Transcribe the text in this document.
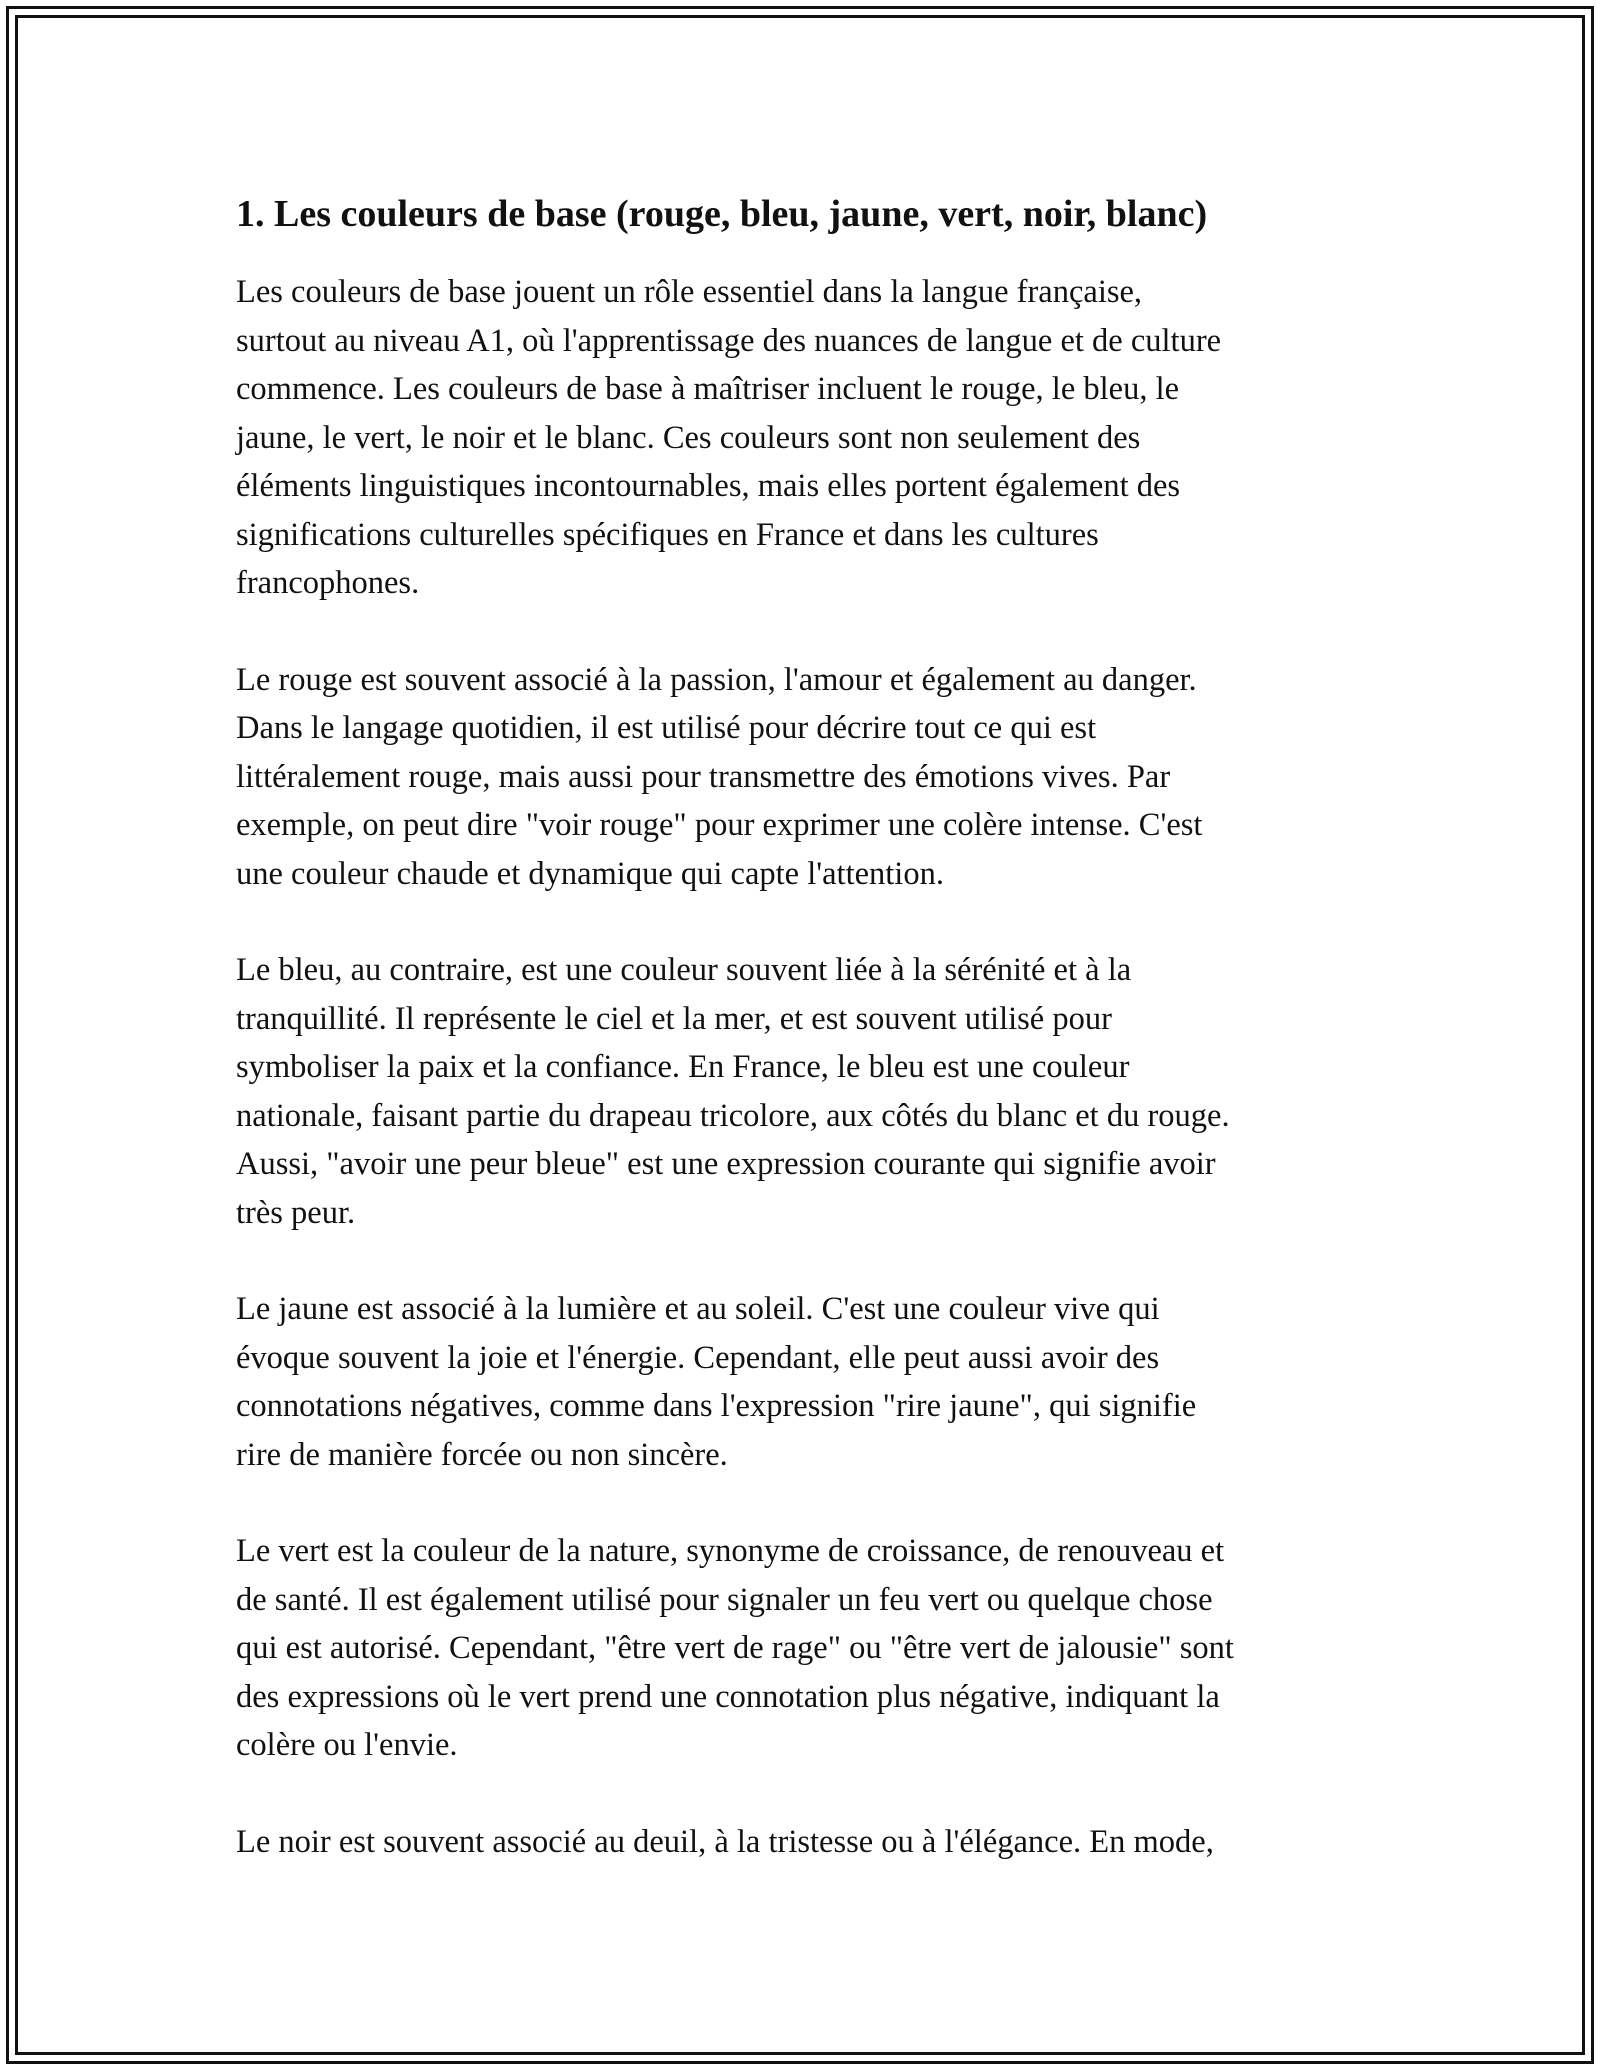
1. Les couleurs de base (rouge, bleu, jaune, vert, noir, blanc)

Les couleurs de base jouent un rôle essentiel dans la langue française,
surtout au niveau A1, où l'apprentissage des nuances de langue et de culture
commence. Les couleurs de base à maîtriser incluent le rouge, le bleu, le
jaune, le vert, le noir et le blanc. Ces couleurs sont non seulement des
éléments linguistiques incontournables, mais elles portent également des
significations culturelles spécifiques en France et dans les cultures
francophones.

Le rouge est souvent associé à la passion, l'amour et également au danger.
Dans le langage quotidien, il est utilisé pour décrire tout ce qui est
littéralement rouge, mais aussi pour transmettre des émotions vives. Par
exemple, on peut dire "voir rouge" pour exprimer une colère intense. C'est
une couleur chaude et dynamique qui capte l'attention.

Le bleu, au contraire, est une couleur souvent liée à la sérénité et à la
tranquillité. Il représente le ciel et la mer, et est souvent utilisé pour
symboliser la paix et la confiance. En France, le bleu est une couleur
nationale, faisant partie du drapeau tricolore, aux côtés du blanc et du rouge.
Aussi, "avoir une peur bleue" est une expression courante qui signifie avoir
très peur.

Le jaune est associé à la lumière et au soleil. C'est une couleur vive qui
évoque souvent la joie et l'énergie. Cependant, elle peut aussi avoir des
connotations négatives, comme dans l'expression "rire jaune", qui signifie
rire de manière forcée ou non sincère.

Le vert est la couleur de la nature, synonyme de croissance, de renouveau et
de santé. Il est également utilisé pour signaler un feu vert ou quelque chose
qui est autorisé. Cependant, "être vert de rage" ou "être vert de jalousie" sont
des expressions où le vert prend une connotation plus négative, indiquant la
colère ou l'envie.

Le noir est souvent associé au deuil, à la tristesse ou à l'élégance. En mode,
